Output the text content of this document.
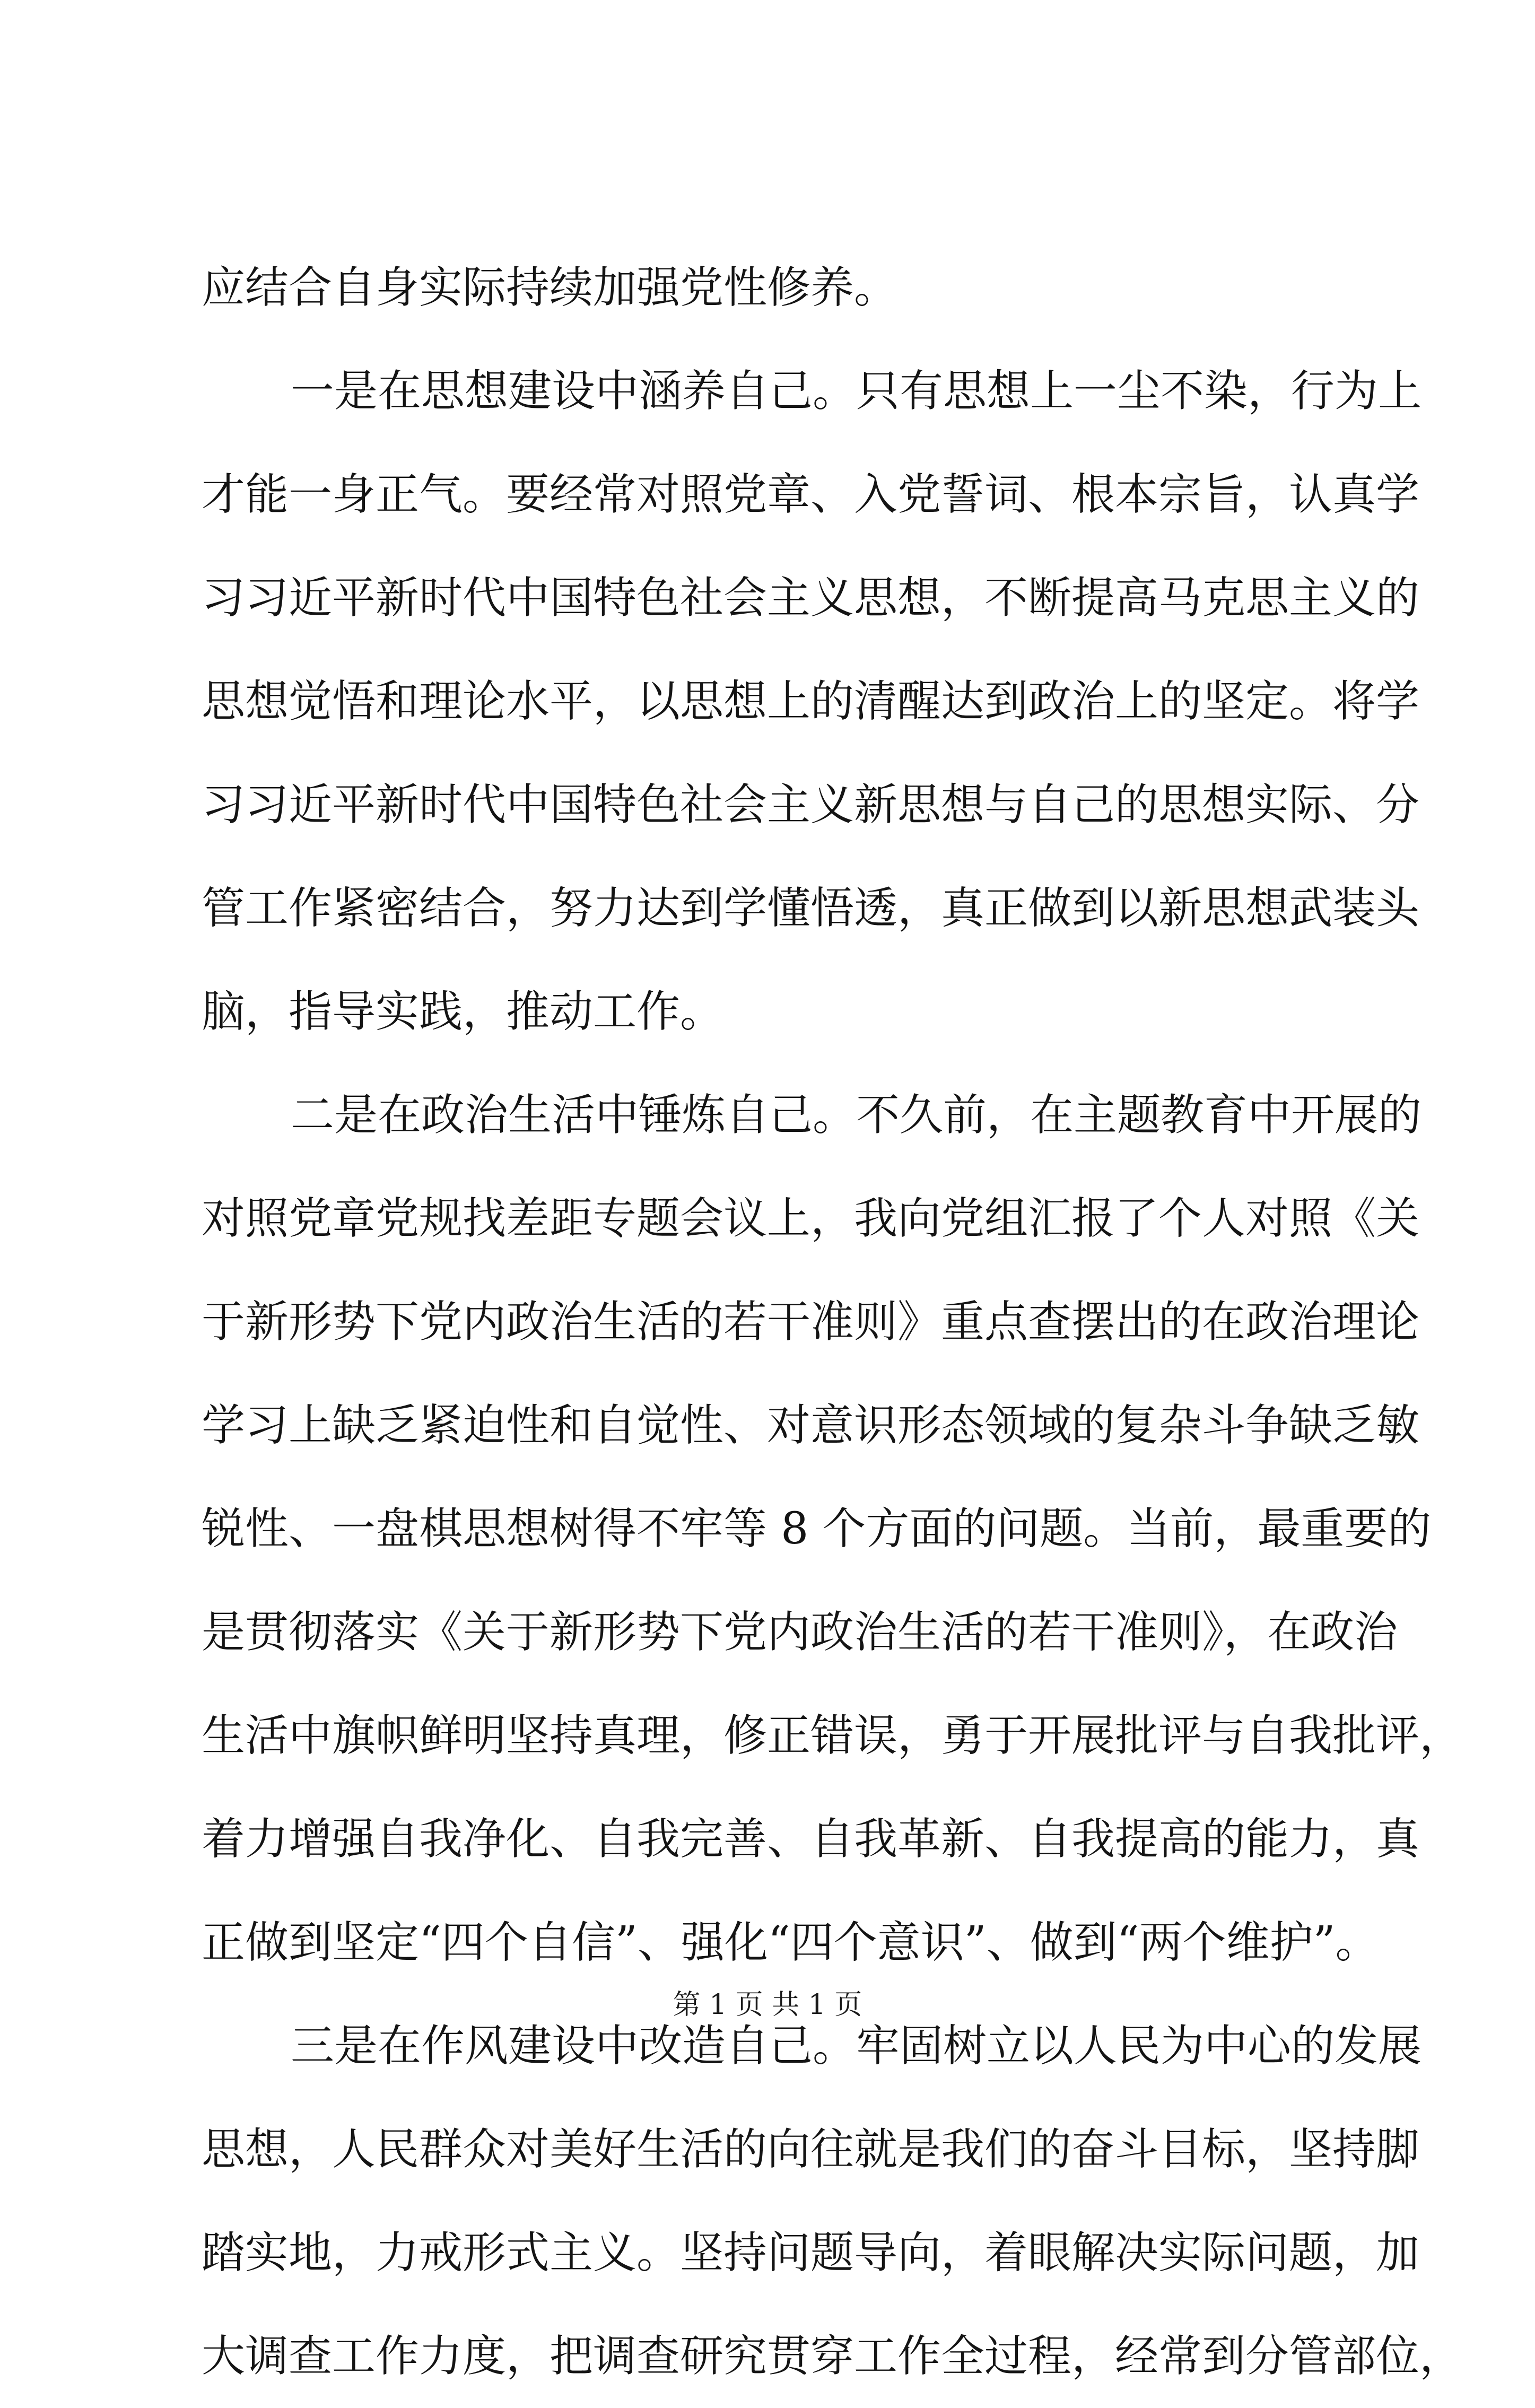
应结合自身实际持续加强党性修养。
一是在思想建设中涵养自己。只有思想上一尘不染，行为上
才能一身正气。要经常对照党章、入党誓词、根本宗旨，认真学
习习近平新时代中国特色社会主义思想，不断提高马克思主义的
思想觉悟和理论水平，以思想上的清醒达到政治上的坚定。将学
习习近平新时代中国特色社会主义新思想与自己的思想实际、分
管工作紧密结合，努力达到学懂悟透，真正做到以新思想武装头
脑，指导实践，推动工作。
二是在政治生活中锤炼自己。不久前，在主题教育中开展的
对照党章党规找差距专题会议上，我向党组汇报了个人对照《关
于新形势下党内政治生活的若干准则》重点查摆出的在政治理论
学习上缺乏紧迫性和自觉性、对意识形态领域的复杂斗争缺乏敏
锐性、一盘棋思想树得不牢等 8 个方面的问题。当前，最重要的
是贯彻落实《关于新形势下党内政治生活的若干准则》，在政治
生活中旗帜鲜明坚持真理，修正错误，勇于开展批评与自我批评，
着力增强自我净化、自我完善、自我革新、自我提高的能力，真
正做到坚定“四个自信”、强化“四个意识”、做到“两个维护”。
三是在作风建设中改造自己。牢固树立以人民为中心的发展
思想，人民群众对美好生活的向往就是我们的奋斗目标，坚持脚
踏实地，力戒形式主义。坚持问题导向，着眼解决实际问题，加
大调查工作力度，把调查研究贯穿工作全过程，经常到分管部位，
第 1 页 共 1 页
